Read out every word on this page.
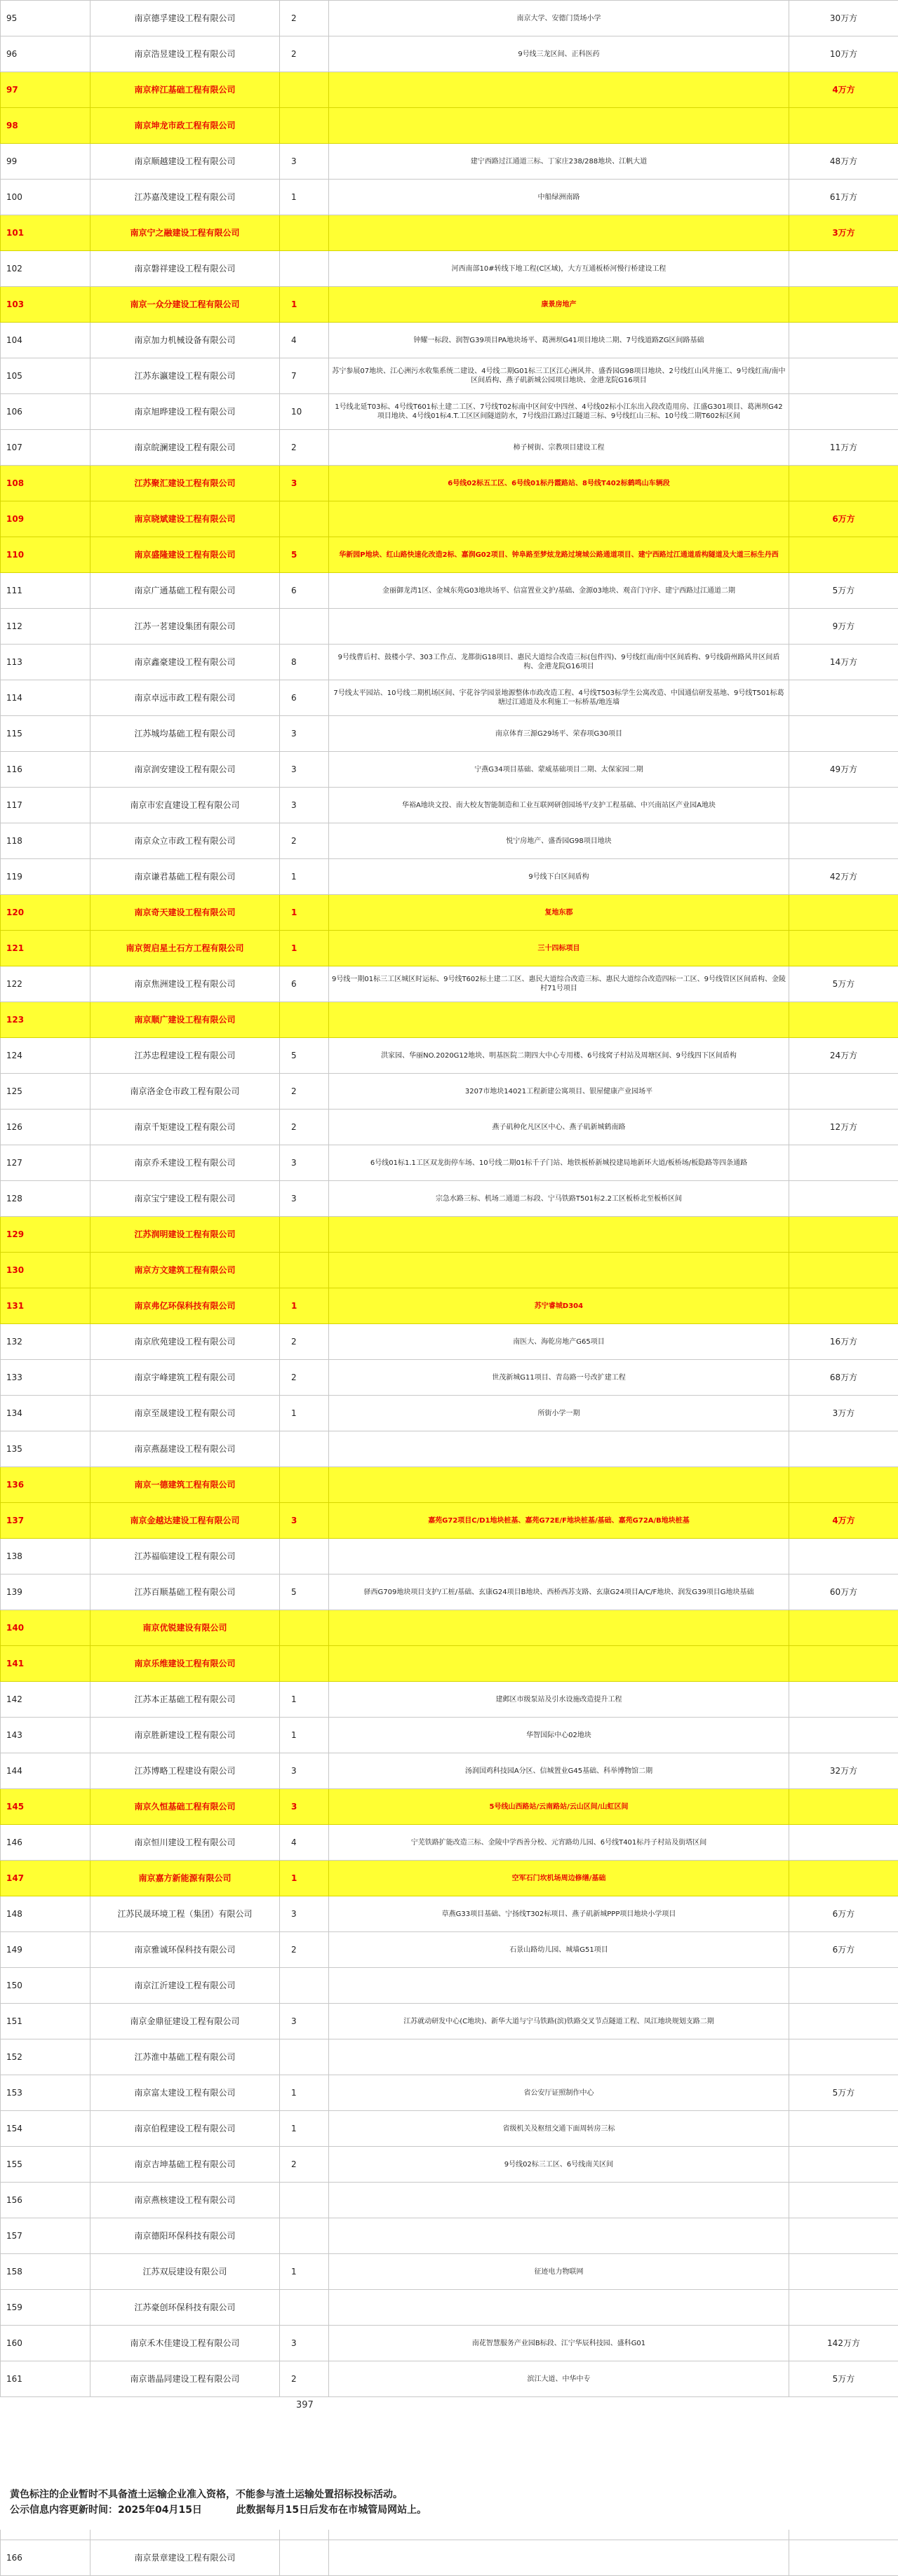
95	南京德孚建设工程有限公司	2	南京大学、安德门货场小学	30万方
96	南京浩昱建设工程有限公司	2	9号线三龙区间、正科医药	10万方
97	南京梓江基础工程有限公司			4万方
98	南京坤龙市政工程有限公司			
99	南京顺越建设工程有限公司	3	建宁西路过江通道三标、丁家庄238/288地块、江帆大道	48万方
100	江苏嘉茂建设工程有限公司	1	中船绿洲南路	61万方
101	南京宁之融建设工程有限公司			3万方
102	南京磐祥建设工程有限公司		河西南部10#转线下地工程(C区域)，大方互通板桥河慢行桥建设工程	
103	南京一众分建设工程有限公司	1	康景房地产	
104	南京加力机械设备有限公司	4	钟耀一标段、润智G39项目PA地块场平、葛洲坝G41项目地块二期、7号线道路ZG区间路基础	
105	江苏东瀛建设工程有限公司	7	苏宁参展07地块、江心洲污水收集系统二建设、4号线二期G01标三工区江心洲风井、盛香园G98项目地块、2号线红山风井施工、9号线红南/南中区间盾构、燕子矶新城公园项目地块、金港龙院G16项目	
106	南京旭晔建设工程有限公司	10	1号线北延T03标、4号线T601标土建二工区、7号线T02标南中区间安中四丝、4号线02标小江东出入段改造用房、江盛G301项目、葛洲坝G42项目地块、4号线01标4.T.工区区间隧道防水，7号线沿江路过江隧道三标、9号线红山三标、10号线二期T602标区间	
107	南京皖澜建设工程有限公司	2	柿子树街、宗教项目建设工程	11万方
108	江苏聚汇建设工程有限公司	3	6号线02标五工区、6号线01标丹霞路站、8号线T402标鹤鸣山车辆段	
109	南京晓斌建设工程有限公司			6万方
110	南京盛隆建设工程有限公司	5	华新园P地块、红山路快速化改造2标、嘉润G02项目、钟阜路至梦炫龙路过境城公路通道项目、建宁西路过江通道盾构隧道及大道三标生丹西	
111	南京广通基础工程有限公司	6	金丽御龙湾1区、金城东苑G03地块场平、信富置业文护/基础、金源03地块、观音门守序、建宁西路过江通道二期	5万方
112	江苏一茗建设集团有限公司			9万方
113	南京鑫豪建设工程有限公司	8	9号线曹后村、鼓楼小学、303工作点、龙都街G18项目、惠民大道综合改造三标(包件四)、9号线红南/南中区间盾构、9号线蔚州路风井区间盾构、金港龙院G16项目	14万方
114	南京卓远市政工程有限公司	6	7号线太平园站、10号线二期机场区间、宇花谷学园景地源整体市政改造工程、4号线T503标学生公寓改造、中国通信研发基地、9号线T501标葛塘过江通道及水利施工一标桥基/地连墙	
115	江苏城均基础工程有限公司	3	南京体育三源G29场平、荣春项G30项目	
116	南京润安建设工程有限公司	3	宁燕G34项目基础、蒙威基础项目二期、太保家园二期	49万方
117	南京市宏直建设工程有限公司	3	华裕A地块文投、南大校友智能制造和工业互联网研创园场平/支护工程基础、中兴南站区产业园A地块	
118	南京众立市政工程有限公司	2	悦宁房地产、盛香园G98项目地块	
119	南京谦君基础工程有限公司	1	9号线下白区间盾构	42万方
120	南京奇天建设工程有限公司	1	复地东郡	
121	南京贺启星土石方工程有限公司	1	三十四标项目	
122	南京焦洲建设工程有限公司	6	9号线一期01标三工区城区时运标、9号线T602标土建二工区、惠民大道综合改造三标、惠民大道综合改造四标一工区、9号线管区区间盾构、金陵村71号项目	5万方
123	南京顺广建设工程有限公司			
124	江苏忠程建设工程有限公司	5	洪家园、华丽NO.2020G12地块、明基医院二期四大中心专用楼、6号线窝子村站及周塘区间、9号线四下区间盾构	24万方
125	南京洛金仓市政工程有限公司	2	3207市地块14021工程新建公寓项目、银屋健康产业园场平	
126	南京千矩建设工程有限公司	2	燕子矶种化凡区区中心、燕子矶新城鹤南路	12万方
127	南京乔禾建设工程有限公司	3	6号线01标1.1工区双龙街停车场、10号线二期01标千子门站、地铁板桥新城投建局地新环大道/板桥场/板隐路等四条通路	
128	南京宝宁建设工程有限公司	3	宗急水路三标、机场二通道二标段、宁马铁路T501标2.2工区板桥北至板桥区间	
129	江苏润明建设工程有限公司			
130	南京方文建筑工程有限公司			
131	南京弗亿环保科技有限公司	1	苏宁睿城D304	
132	南京欣苑建设工程有限公司	2	南医大、海乾房地产G65项目	16万方
133	南京宇峰建筑工程有限公司	2	世茂新城G11项目、青岛路一号改扩建工程	68万方
134	南京至晟建设工程有限公司	1	所街小学一期	3万方
135	南京燕磊建设工程有限公司			
136	南京一德建筑工程有限公司			
137	南京金越达建设工程有限公司	3	嘉苑G72项目C/D1地块桩基、嘉苑G72E/F地块桩基/基础、嘉苑G72A/B地块桩基	4万方
138	江苏福临建设工程有限公司			
139	江苏百顺基础工程有限公司	5	驿西G709地块项目支护/工桩/基础、玄康G24项目B地块、西桥西苏支路、玄康G24项目A/C/F地块、润发G39项目G地块基础	60万方
140	南京优锐建设有限公司			
141	南京乐维建设工程有限公司			
142	江苏本正基础工程有限公司	1	建邺区市级泵站及引水设施改造提升工程	
143	南京胜新建设工程有限公司	1	华智国际中心02地块	
144	江苏博略工程建设有限公司	3	汤润国鸡科技园A分区、信城置业G45基础、科举博物馆二期	32万方
145	南京久恒基础工程有限公司	3	5号线山西路站/云南路站/云山区间/山虹区间	
146	南京恒川建设工程有限公司	4	宁芜铁路扩能改造三标、金陵中学西善分校、元宵路幼儿园、6号线T401标丹子村站及街塔区间	
147	南京嘉方新能源有限公司	1	空军石门坎机场周边修缮/基础	
148	江苏民晟环境工程（集团）有限公司	3	草燕G33项目基础、宁扬线T302标项目、燕子矶新城PPP项目地块小学项目	6万方
149	南京雅诚环保科技有限公司	2	石景山路幼儿园、城墙G51项目	6万方
150	南京江沂建设工程有限公司			
151	南京金鼎征建设工程有限公司	3	江苏就动研发中心(C地块)、新华大道与宁马铁路(滨)铁路交叉节点隧道工程、凤江地块规划支路二期	
152	江苏淮中基础工程有限公司			
153	南京富太建设工程有限公司	1	省公安厅证照制作中心	5万方
154	南京伯程建设工程有限公司	1	省级机关及枢纽交通下面周转房三标	
155	南京吉坤基础工程有限公司	2	9号线02标三工区、6号线南关区间	
156	南京燕核建设工程有限公司			
157	南京德阳环保科技有限公司			
158	江苏双辰建设有限公司	1	征迹电力物联网	
159	江苏豪创环保科技有限公司			
160	南京禾木佳建设工程有限公司	3	南花智慧服务产业园B标段、江宁华辰科技园、盛科G01	142万方
161	南京谐晶同建设工程有限公司	2	滨江大道、中华中专	5万方

166	南京景章建设工程有限公司			
397
黄色标注的企业暂时不具备渣土运输企业准入资格，不能参与渣土运输处置招标投标活动。
公示信息内容更新时间：2025年04月15日          此数据每月15日后发布在市城管局网站上。
